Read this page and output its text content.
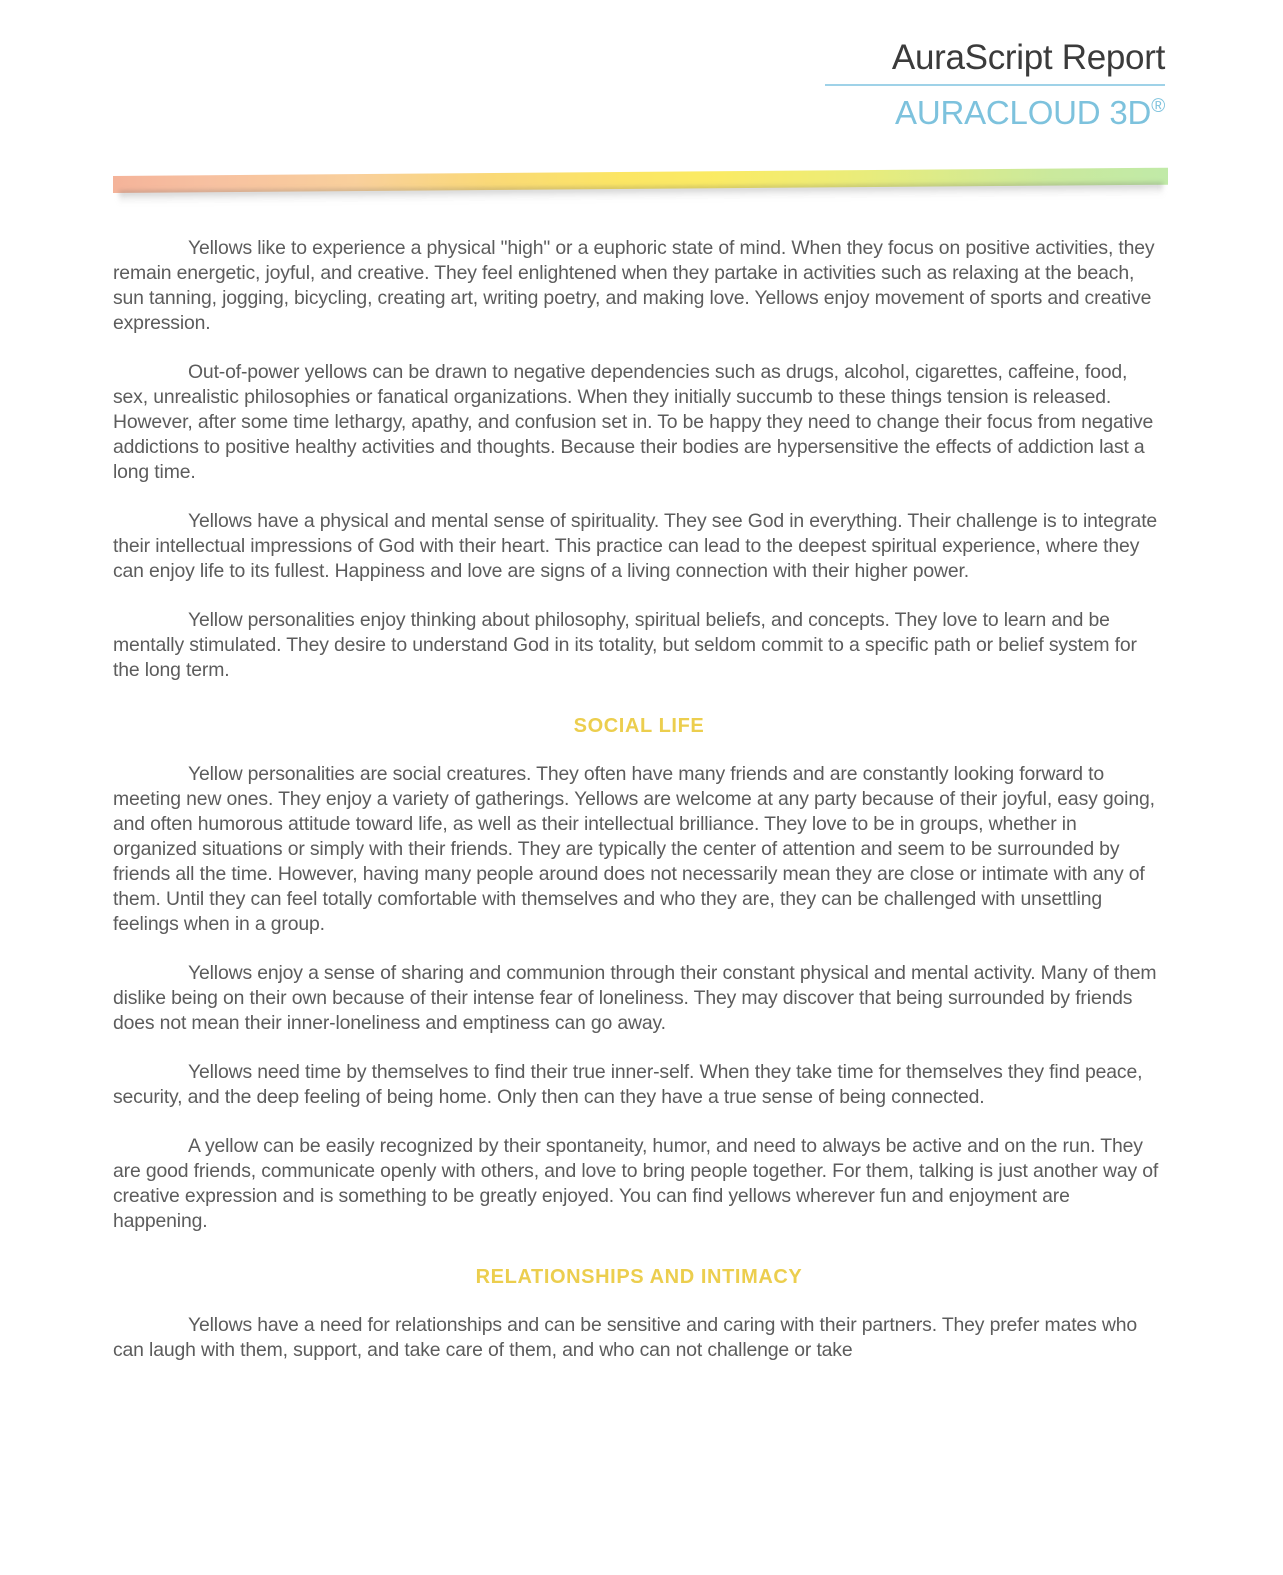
AuraScript Report
AURACLOUD 3D®

Yellows like to experience a physical "high" or a euphoric state of mind. When they focus on positive activities, they remain energetic, joyful, and creative. They feel enlightened when they partake in activities such as relaxing at the beach, sun tanning, jogging, bicycling, creating art, writing poetry, and making love. Yellows enjoy movement of sports and creative expression.

Out-of-power yellows can be drawn to negative dependencies such as drugs, alcohol, cigarettes, caffeine, food, sex, unrealistic philosophies or fanatical organizations. When they initially succumb to these things tension is released. However, after some time lethargy, apathy, and confusion set in. To be happy they need to change their focus from negative addictions to positive healthy activities and thoughts. Because their bodies are hypersensitive the effects of addiction last a long time.

Yellows have a physical and mental sense of spirituality. They see God in everything. Their challenge is to integrate their intellectual impressions of God with their heart. This practice can lead to the deepest spiritual experience, where they can enjoy life to its fullest. Happiness and love are signs of a living connection with their higher power.

Yellow personalities enjoy thinking about philosophy, spiritual beliefs, and concepts. They love to learn and be mentally stimulated. They desire to understand God in its totality, but seldom commit to a specific path or belief system for the long term.

SOCIAL LIFE

Yellow personalities are social creatures. They often have many friends and are constantly looking forward to meeting new ones. They enjoy a variety of gatherings. Yellows are welcome at any party because of their joyful, easy going, and often humorous attitude toward life, as well as their intellectual brilliance. They love to be in groups, whether in organized situations or simply with their friends. They are typically the center of attention and seem to be surrounded by friends all the time. However, having many people around does not necessarily mean they are close or intimate with any of them. Until they can feel totally comfortable with themselves and who they are, they can be challenged with unsettling feelings when in a group.

Yellows enjoy a sense of sharing and communion through their constant physical and mental activity. Many of them dislike being on their own because of their intense fear of loneliness. They may discover that being surrounded by friends does not mean their inner-loneliness and emptiness can go away.

Yellows need time by themselves to find their true inner-self. When they take time for themselves they find peace, security, and the deep feeling of being home. Only then can they have a true sense of being connected.

A yellow can be easily recognized by their spontaneity, humor, and need to always be active and on the run. They are good friends, communicate openly with others, and love to bring people together. For them, talking is just another way of creative expression and is something to be greatly enjoyed. You can find yellows wherever fun and enjoyment are happening.

RELATIONSHIPS AND INTIMACY

Yellows have a need for relationships and can be sensitive and caring with their partners. They prefer mates who can laugh with them, support, and take care of them, and who can not challenge or take
